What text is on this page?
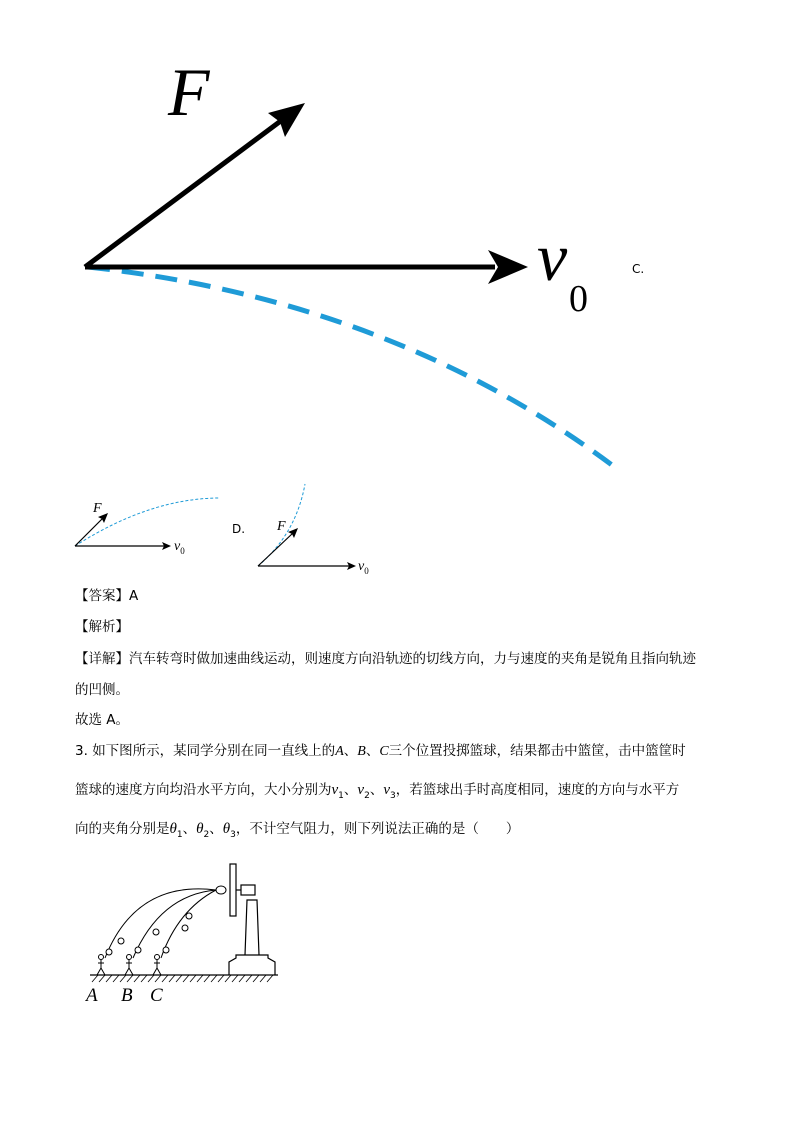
F
v
0
C.
F
$v_0$
D. F
$v_0$
【答案】A
【解析】
【详解】汽车转弯时做加速曲线运动，则速度方向沿轨迹的切线方向，力与速度的夹角是锐角且指向轨迹
的凹侧。
故选 A。
3. 如下图所示，某同学分别在同一直线上的A、B、C三个位置投掷篮球，结果都击中篮筐，击中篮筐时
篮球的速度方向均沿水平方向，大小分别为$v_1$、$v_2$、$v_3$，若篮球出手时高度相同，速度的方向与水平方
向的夹角分别是$\theta_1$、$\theta_2$、$\theta_3$，不计空气阻力，则下列说法正确的是（　　）
A B C
